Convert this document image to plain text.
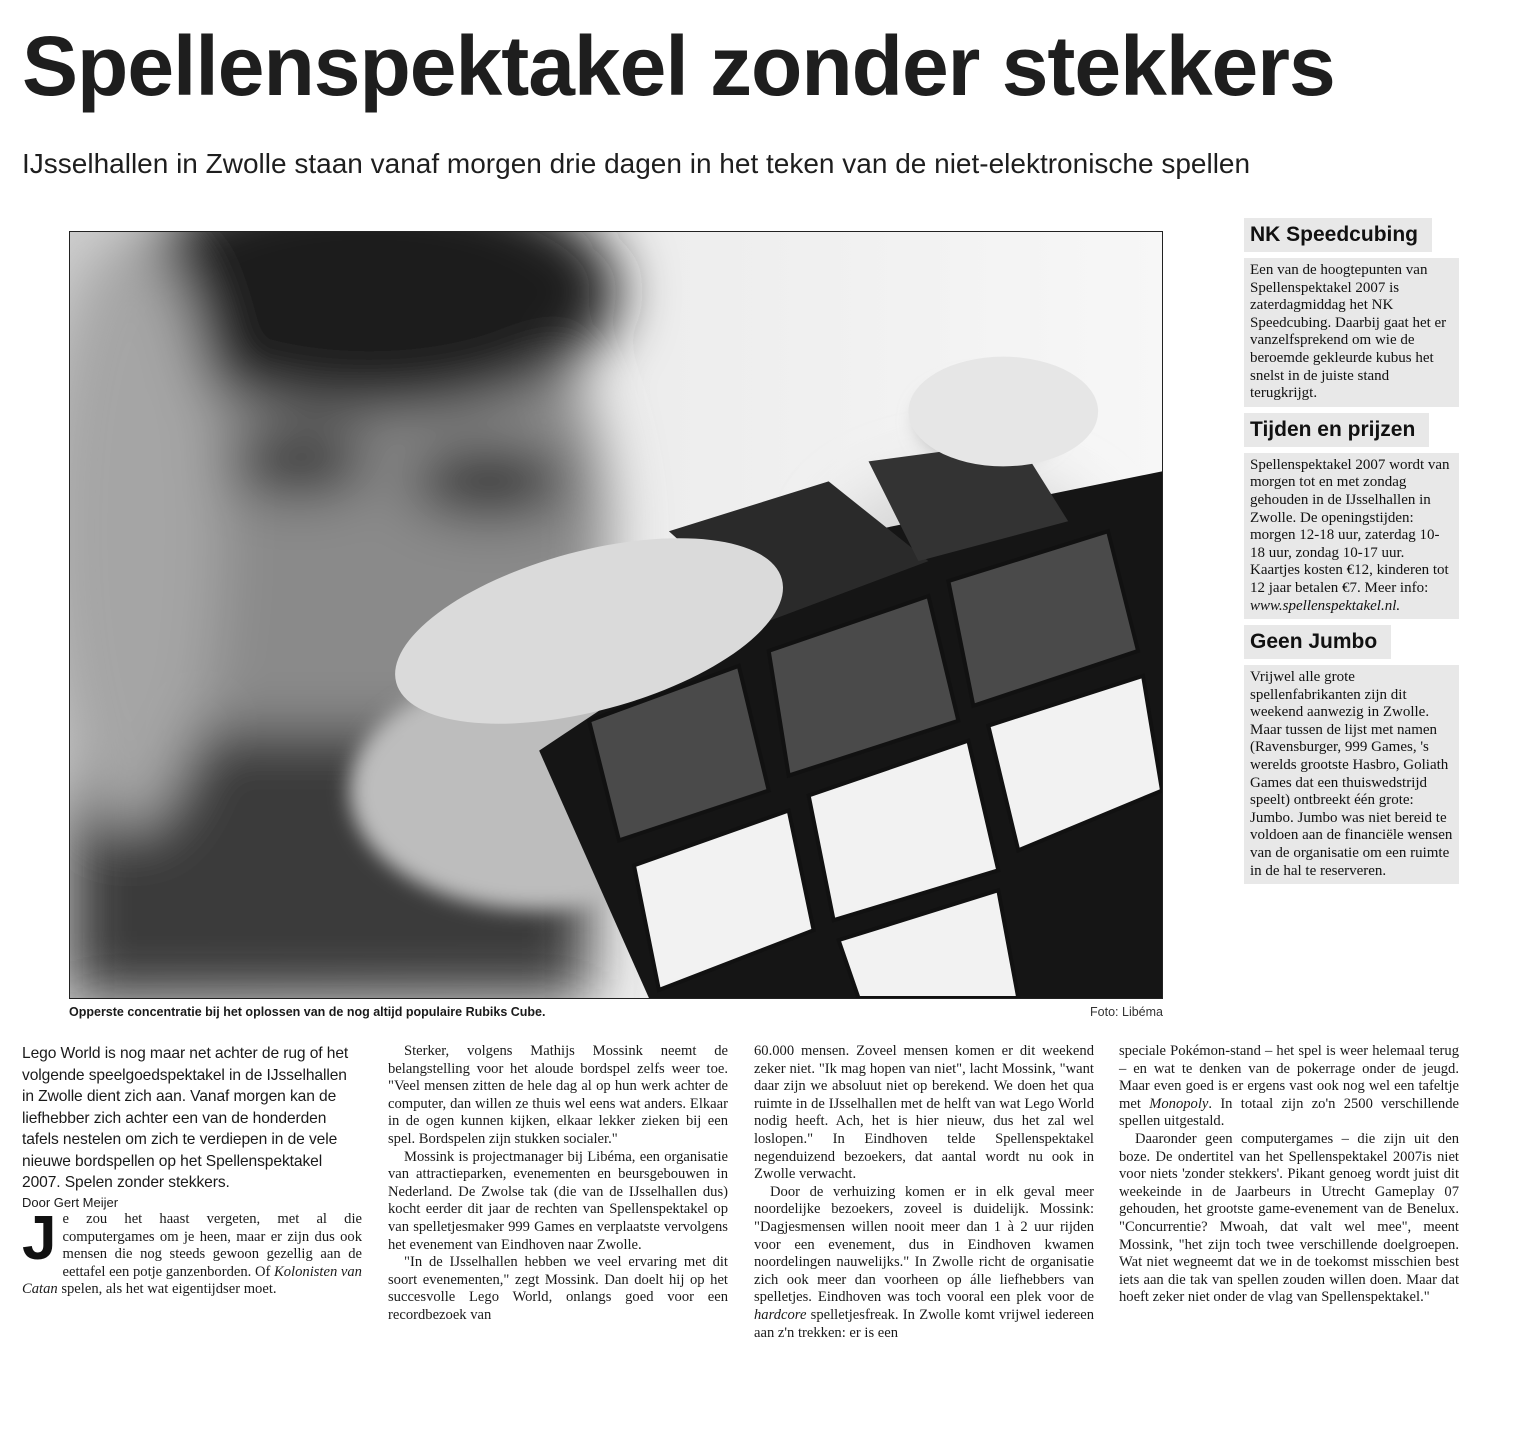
Spellenspektakel zonder stekkers
IJsselhallen in Zwolle staan vanaf morgen drie dagen in het teken van de niet-elektronische spellen
Opperste concentratie bij het oplossen van de nog altijd populaire Rubiks Cube.	Foto: Libéma
NK Speedcubing
Een van de hoogtepunten van Spellenspektakel 2007 is zaterdagmiddag het NK Speedcubing. Daarbij gaat het er vanzelfsprekend om wie de beroemde gekleurde kubus het snelst in de juiste stand terugkrijgt.
Tijden en prijzen
Spellenspektakel 2007 wordt van morgen tot en met zondag gehouden in de IJsselhallen in Zwolle. De openingstijden: morgen 12-18 uur, zaterdag 10-18 uur, zondag 10-17 uur. Kaartjes kosten €12, kinderen tot 12 jaar betalen €7. Meer info: www.spellenspektakel.nl.
Geen Jumbo
Vrijwel alle grote spellenfabrikanten zijn dit weekend aanwezig in Zwolle. Maar tussen de lijst met namen (Ravensburger, 999 Games, 's werelds grootste Hasbro, Goliath Games dat een thuiswedstrijd speelt) ontbreekt één grote: Jumbo. Jumbo was niet bereid te voldoen aan de financiële wensen van de organisatie om een ruimte in de hal te reserveren.

Lego World is nog maar net achter de rug of het volgende speelgoedspektakel in de IJsselhallen in Zwolle dient zich aan. Vanaf morgen kan de liefhebber zich achter een van de honderden tafels nestelen om zich te verdiepen in de vele nieuwe bordspellen op het Spellenspektakel 2007. Spelen zonder stekkers.

Door Gert Meijer

Je zou het haast vergeten, met al die computergames om je heen, maar er zijn dus ook mensen die nog steeds gewoon gezellig aan de eettafel een potje ganzenborden. Of Kolonisten van Catan spelen, als het wat eigentijdser moet.

Sterker, volgens Mathijs Mossink neemt de belangstelling voor het aloude bordspel zelfs weer toe. "Veel mensen zitten de hele dag al op hun werk achter de computer, dan willen ze thuis wel eens wat anders. Elkaar in de ogen kunnen kijken, elkaar lekker zieken bij een spel. Bordspelen zijn stukken socialer."

Mossink is projectmanager bij Libéma, een organisatie van attractieparken, evenementen en beursgebouwen in Nederland. De Zwolse tak (die van de IJsselhallen dus) kocht eerder dit jaar de rechten van Spellenspektakel op van spelletjesmaker 999 Games en verplaatste vervolgens het evenement van Eindhoven naar Zwolle.

"In de IJsselhallen hebben we veel ervaring met dit soort evenementen," zegt Mossink. Dan doelt hij op het succesvolle Lego World, onlangs goed voor een recordbezoek van

60.000 mensen. Zoveel mensen komen er dit weekend zeker niet. "Ik mag hopen van niet", lacht Mossink, "want daar zijn we absoluut niet op berekend. We doen het qua ruimte in de IJsselhallen met de helft van wat Lego World nodig heeft. Ach, het is hier nieuw, dus het zal wel loslopen." In Eindhoven telde Spellenspektakel negenduizend bezoekers, dat aantal wordt nu ook in Zwolle verwacht.

Door de verhuizing komen er in elk geval meer noordelijke bezoekers, zoveel is duidelijk. Mossink: "Dagjesmensen willen nooit meer dan 1 à 2 uur rijden voor een evenement, dus in Eindhoven kwamen noordelingen nauwelijks." In Zwolle richt de organisatie zich ook meer dan voorheen op álle liefhebbers van spelletjes. Eindhoven was toch vooral een plek voor de hardcore spelletjesfreak. In Zwolle komt vrijwel iedereen aan z'n trekken: er is een

speciale Pokémon-stand – het spel is weer helemaal terug – en wat te denken van de pokerrage onder de jeugd. Maar even goed is er ergens vast ook nog wel een tafeltje met Monopoly. In totaal zijn zo'n 2500 verschillende spellen uitgestald.

Daaronder geen computergames – die zijn uit den boze. De ondertitel van het Spellenspektakel 2007is niet voor niets 'zonder stekkers'. Pikant genoeg wordt juist dit weekeinde in de Jaarbeurs in Utrecht Gameplay 07 gehouden, het grootste game-evenement van de Benelux. "Concurrentie? Mwoah, dat valt wel mee", meent Mossink, "het zijn toch twee verschillende doelgroepen. Wat niet wegneemt dat we in de toekomst misschien best iets aan die tak van spellen zouden willen doen. Maar dat hoeft zeker niet onder de vlag van Spellenspektakel."
